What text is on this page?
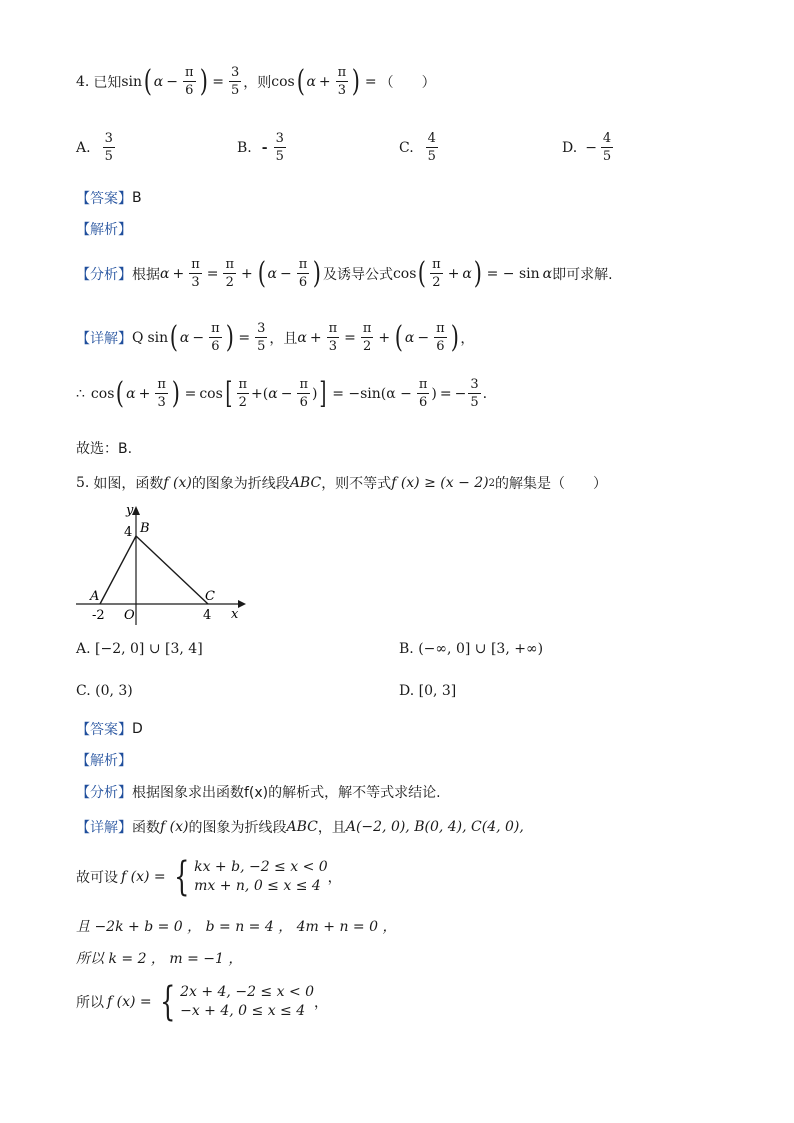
4. 已知 sin ( $\alpha - \frac{\pi}{6}$ ) = $\frac{3}{5}$ ，则 cos ( $\alpha + \frac{\pi}{3}$ ) = （　　）
A. $\frac{3}{5}$	B. - $\frac{3}{5}$	C. $\frac{4}{5}$	D. − $\frac{4}{5}$
【答案】 B
【解析】
【分析】 根据 $\alpha + \frac{\pi}{3} = \frac{\pi}{2}$ + ( $\alpha - \frac{\pi}{6}$ ) 及诱导公式 cos ( $\frac{\pi}{2} + \alpha$ ) = − sin α 即可求解.
【详解】 Q sin ( $\alpha - \frac{\pi}{6}$ ) = $\frac{3}{5}$ ，且 $\alpha + \frac{\pi}{3} = \frac{\pi}{2}$ + ( $\alpha - \frac{\pi}{6}$ ) ，
∴ cos ( $\alpha + \frac{\pi}{3}$ ) = cos [ $\frac{\pi}{2}$ + ( $\alpha - \frac{\pi}{6}$ ) ] = $-\sin(\alpha - \frac{\pi}{6}$ ) = − $\frac{3}{5}$ .
故选：B.
5. 如图，函数 f (x) 的图象为折线段 ABC ，则不等式 f (x) ≥ (x − 2) 2 的解集是（　　）
y
x
B
4
A	C
-2 O	4
A. [−2, 0] ∪ [3, 4]	B. (−∞, 0] ∪ [3, +∞)
C. (0, 3)	D. [0, 3]
【答案】 D
【解析】
【分析】 根据图象求出函数f(x)的解析式，解不等式求结论.
【详解】 函数 f (x) 的图象为折线段 ABC ，且 A(−2, 0), B(0, 4), C(4, 0),
故可设 f (x) = { kx + b, −2 ≤ x < 0
mx + n, 0 ≤ x ≤ 4 ，
且 −2k + b = 0 ， b = n = 4 ， 4m + n = 0 ，
所以 k = 2 ， m = −1 ，
所以 f (x) = { 2x + 4, −2 ≤ x < 0
−x + 4, 0 ≤ x ≤ 4 ，
